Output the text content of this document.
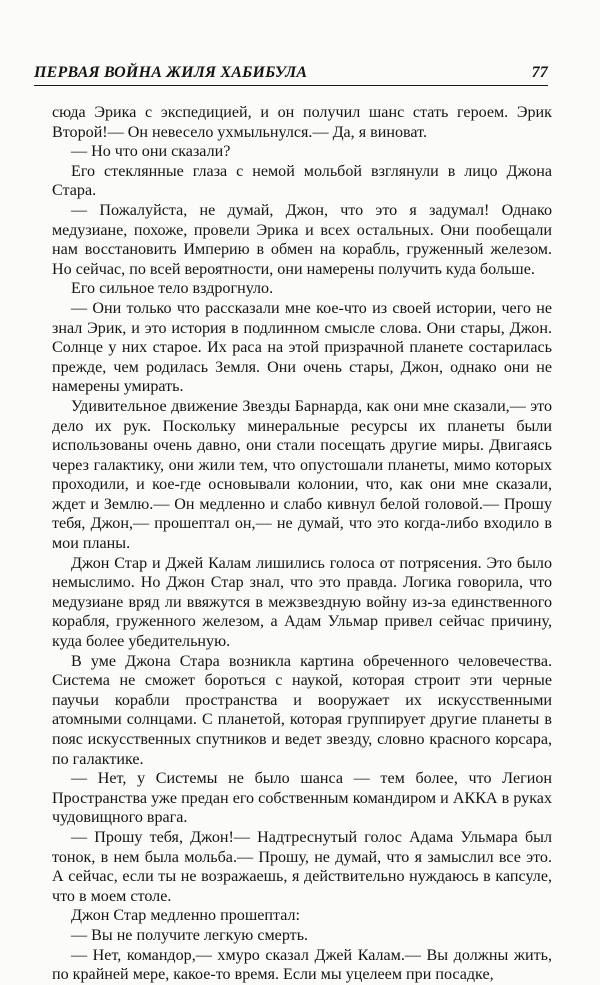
ПЕРВАЯ ВОЙНА ЖИЛЯ ХАБИБУЛА	77

сюда Эрика с экспедицией, и он получил шанс стать героем. Эрик Второй!— Он невесело ухмыльнулся.— Да, я виноват.

— Но что они сказали?

Его стеклянные глаза с немой мольбой взглянули в лицо Джона Стара.

— Пожалуйста, не думай, Джон, что это я задумал! Однако медузиане, похоже, провели Эрика и всех остальных. Они пообещали нам восстановить Империю в обмен на корабль, груженный железом. Но сейчас, по всей вероятности, они намерены получить куда больше.

Его сильное тело вздрогнуло.

— Они только что рассказали мне кое-что из своей истории, чего не знал Эрик, и это история в подлинном смысле слова. Они стары, Джон. Солнце у них старое. Их раса на этой призрачной планете состарилась прежде, чем родилась Земля. Они очень стары, Джон, однако они не намерены умирать.

Удивительное движение Звезды Барнарда, как они мне сказали,— это дело их рук. Поскольку минеральные ресурсы их планеты были использованы очень давно, они стали посещать другие миры. Двигаясь через галактику, они жили тем, что опустошали планеты, мимо которых проходили, и кое-где основывали колонии, что, как они мне сказали, ждет и Землю.— Он медленно и слабо кивнул белой головой.— Прошу тебя, Джон,— прошептал он,— не думай, что это когда-либо входило в мои планы.

Джон Стар и Джей Калам лишились голоса от потрясения. Это было немыслимо. Но Джон Стар знал, что это правда. Логика говорила, что медузиане вряд ли ввяжутся в межзвездную войну из-за единственного корабля, груженного железом, а Адам Ульмар привел сейчас причину, куда более убедительную.

В уме Джона Стара возникла картина обреченного человечества. Система не сможет бороться с наукой, которая строит эти черные паучьи корабли пространства и вооружает их искусственными атомными солнцами. С планетой, которая группирует другие планеты в пояс искусственных спутников и ведет звезду, словно красного корсара, по галактике.

— Нет, у Системы не было шанса — тем более, что Легион Пространства уже предан его собственным командиром и АККА в руках чудовищного врага.

— Прошу тебя, Джон!— Надтреснутый голос Адама Ульмара был тонок, в нем была мольба.— Прошу, не думай, что я замыслил все это. А сейчас, если ты не возражаешь, я действительно нуждаюсь в капсуле, что в моем столе.

Джон Стар медленно прошептал:

— Вы не получите легкую смерть.

— Нет, командор,— хмуро сказал Джей Калам.— Вы должны жить, по крайней мере, какое-то время. Если мы уцелеем при посадке,
